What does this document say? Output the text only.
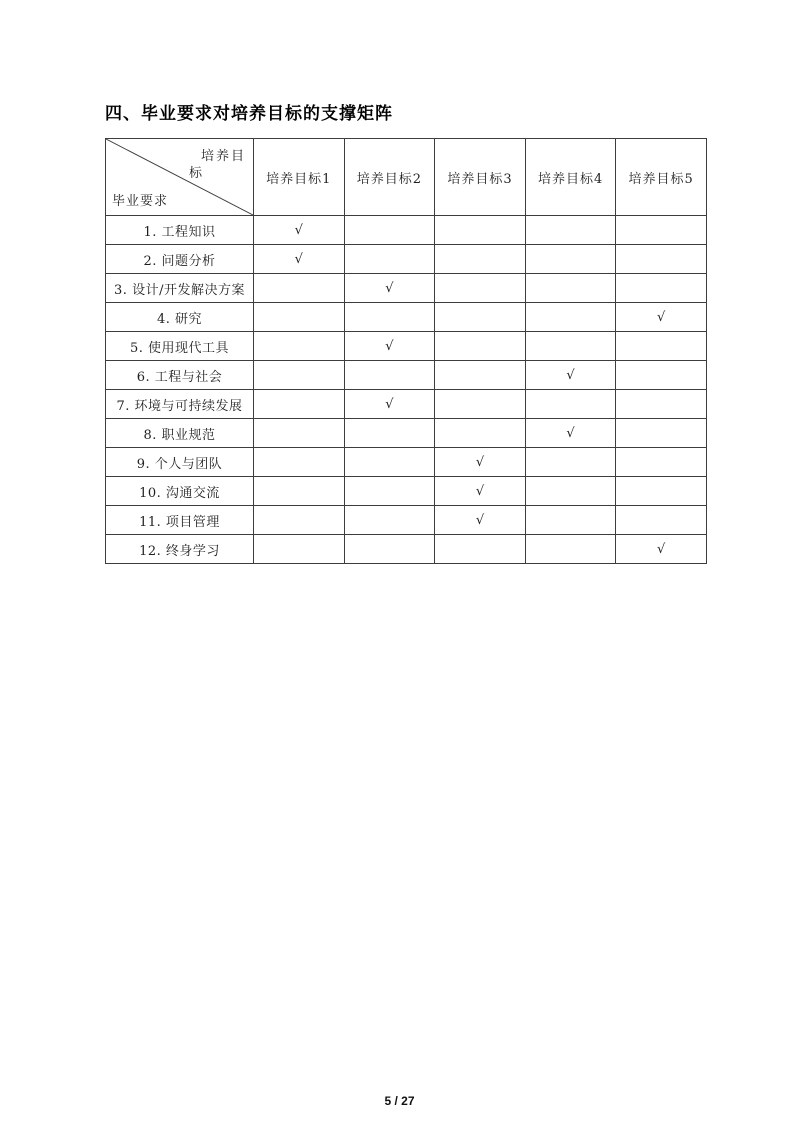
四、毕业要求对培养目标的支撑矩阵
培养目
标
毕业要求	培养目标1	培养目标2	培养目标3	培养目标4	培养目标5
1. 工程知识	√				
2. 问题分析	√				
3. 设计/开发解决方案		√			
4. 研究					√
5. 使用现代工具		√			
6. 工程与社会				√	
7. 环境与可持续发展		√			
8. 职业规范				√	
9. 个人与团队			√		
10. 沟通交流			√		
11. 项目管理			√		
12. 终身学习					√
5 / 27
